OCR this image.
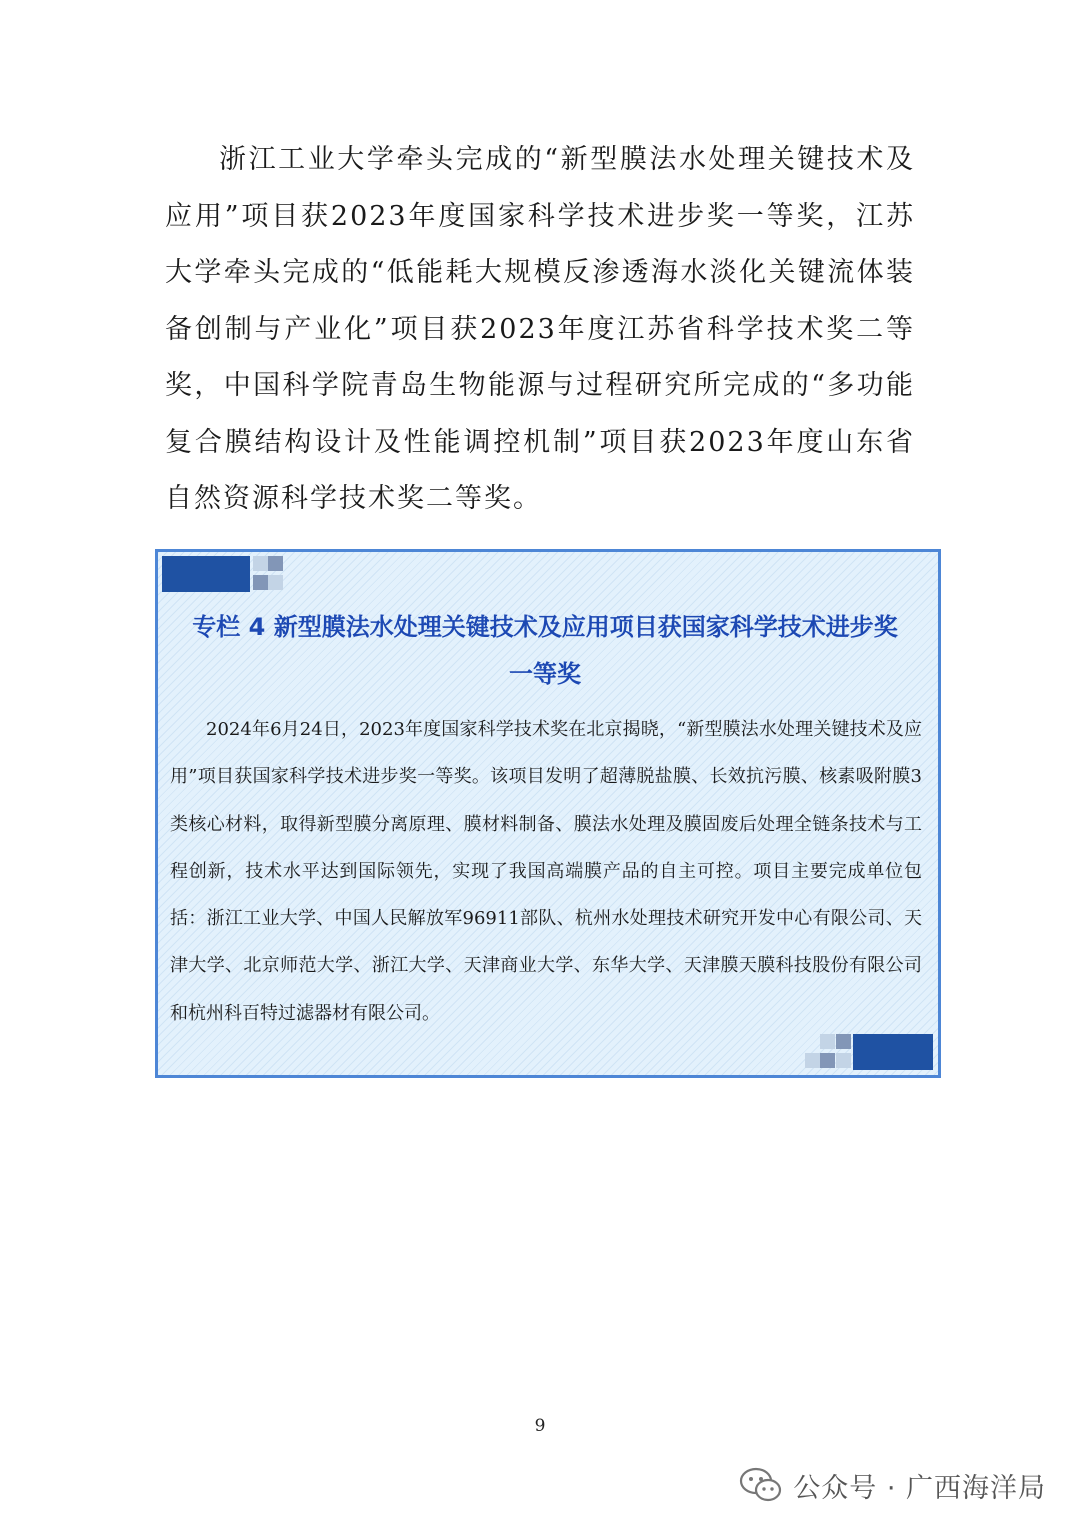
浙江工业大学牵头完成的“新型膜法水处理关键技术及应用”项目获2023年度国家科学技术进步奖一等奖，江苏大学牵头完成的“低能耗大规模反渗透海水淡化关键流体装备创制与产业化”项目获2023年度江苏省科学技术奖二等奖，中国科学院青岛生物能源与过程研究所完成的“多功能复合膜结构设计及性能调控机制”项目获2023年度山东省自然资源科学技术奖二等奖。

专栏 4 新型膜法水处理关键技术及应用项目获国家科学技术进步奖
一等奖

2024年6月24日，2023年度国家科学技术奖在北京揭晓，“新型膜法水处理关键技术及应用”项目获国家科学技术进步奖一等奖。该项目发明了超薄脱盐膜、长效抗污膜、核素吸附膜3类核心材料，取得新型膜分离原理、膜材料制备、膜法水处理及膜固废后处理全链条技术与工程创新，技术水平达到国际领先，实现了我国高端膜产品的自主可控。项目主要完成单位包括：浙江工业大学、中国人民解放军96911部队、杭州水处理技术研究开发中心有限公司、天津大学、北京师范大学、浙江大学、天津商业大学、东华大学、天津膜天膜科技股份有限公司和杭州科百特过滤器材有限公司。

9
公众号 · 广西海洋局
